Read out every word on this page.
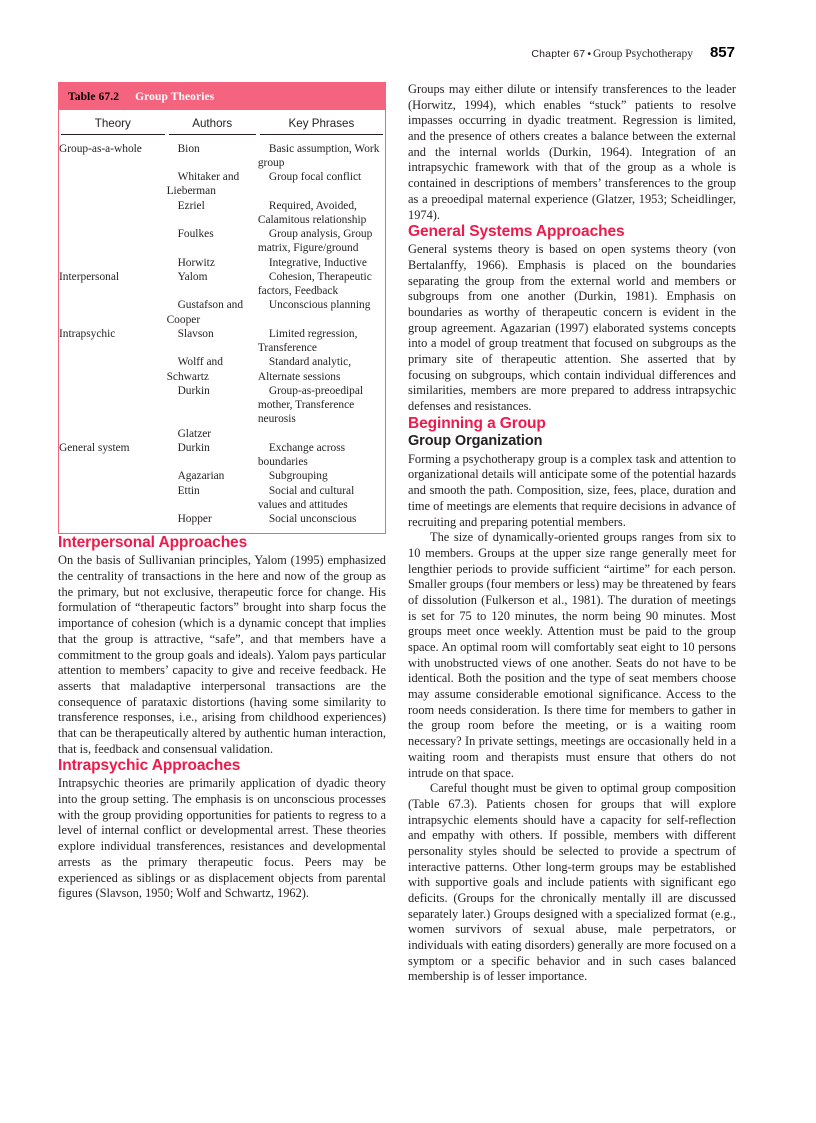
Chapter 67 • Group Psychotherapy 857
Table 67.2 Group Theories
Theory	Authors	Key Phrases

Group-as-a-whole	Bion	Basic assumption, Work group
	Whitaker and Lieberman	Group focal conflict
	Ezriel	Required, Avoided, Calamitous relationship
	Foulkes	Group analysis, Group matrix, Figure/ground
	Horwitz	Integrative, Inductive
Interpersonal	Yalom	Cohesion, Therapeutic factors, Feedback
	Gustafson and Cooper	Unconscious planning
Intrapsychic	Slavson	Limited regression, Transference
	Wolff and Schwartz	Standard analytic, Alternate sessions
	Durkin	Group-as-preoedipal mother, Transference neurosis
	Glatzer	
General system	Durkin	Exchange across boundaries
	Agazarian	Subgrouping
	Ettin	Social and cultural values and attitudes
	Hopper	Social unconscious

Interpersonal Approaches

On the basis of Sullivanian principles, Yalom (1995) emphasized the centrality of transactions in the here and now of the group as the primary, but not exclusive, therapeutic force for change. His formulation of “therapeutic factors” brought into sharp focus the importance of cohesion (which is a dynamic concept that implies that the group is attractive, “safe”, and that members have a commitment to the group goals and ideals). Yalom pays particular attention to members’ capacity to give and receive feedback. He asserts that maladaptive interpersonal transactions are the consequence of parataxic distortions (having some similarity to transference responses, i.e., arising from childhood experiences) that can be therapeutically altered by authentic human interaction, that is, feedback and consensual validation.

Intrapsychic Approaches

Intrapsychic theories are primarily application of dyadic theory into the group setting. The emphasis is on unconscious processes with the group providing opportunities for patients to regress to a level of internal conflict or developmental arrest. These theories explore individual transferences, resistances and developmental arrests as the primary therapeutic focus. Peers may be experienced as siblings or as displacement objects from parental figures (Slavson, 1950; Wolf and Schwartz, 1962).

Groups may either dilute or intensify transferences to the leader (Horwitz, 1994), which enables “stuck” patients to resolve impasses occurring in dyadic treatment. Regression is limited, and the presence of others creates a balance between the external and the internal worlds (Durkin, 1964). Integration of an intrapsychic framework with that of the group as a whole is contained in descriptions of members’ transferences to the group as a preoedipal maternal experience (Glatzer, 1953; Scheidlinger, 1974).

General Systems Approaches

General systems theory is based on open systems theory (von Bertalanffy, 1966). Emphasis is placed on the boundaries separating the group from the external world and members or subgroups from one another (Durkin, 1981). Emphasis on boundaries as worthy of therapeutic concern is evident in the group agreement. Agazarian (1997) elaborated systems concepts into a model of group treatment that focused on subgroups as the primary site of therapeutic attention. She asserted that by focusing on subgroups, which contain individual differences and similarities, members are more prepared to address intrapsychic defenses and resistances.

Beginning a Group
Group Organization

Forming a psychotherapy group is a complex task and attention to organizational details will anticipate some of the potential hazards and smooth the path. Composition, size, fees, place, duration and time of meetings are elements that require decisions in advance of recruiting and preparing potential members.

The size of dynamically-oriented groups ranges from six to 10 members. Groups at the upper size range generally meet for lengthier periods to provide sufficient “airtime” for each person. Smaller groups (four members or less) may be threatened by fears of dissolution (Fulkerson et al., 1981). The duration of meetings is set for 75 to 120 minutes, the norm being 90 minutes. Most groups meet once weekly. Attention must be paid to the group space. An optimal room will comfortably seat eight to 10 persons with unobstructed views of one another. Seats do not have to be identical. Both the position and the type of seat members choose may assume considerable emotional significance. Access to the room needs consideration. Is there time for members to gather in the group room before the meeting, or is a waiting room necessary? In private settings, meetings are occasionally held in a waiting room and therapists must ensure that others do not intrude on that space.

Careful thought must be given to optimal group composition (Table 67.3). Patients chosen for groups that will explore intrapsychic elements should have a capacity for self-reflection and empathy with others. If possible, members with different personality styles should be selected to provide a spectrum of interactive patterns. Other long-term groups may be established with supportive goals and include patients with significant ego deficits. (Groups for the chronically mentally ill are discussed separately later.) Groups designed with a specialized format (e.g., women survivors of sexual abuse, male perpetrators, or individuals with eating disorders) generally are more focused on a symptom or a specific behavior and in such cases balanced membership is of lesser importance.
